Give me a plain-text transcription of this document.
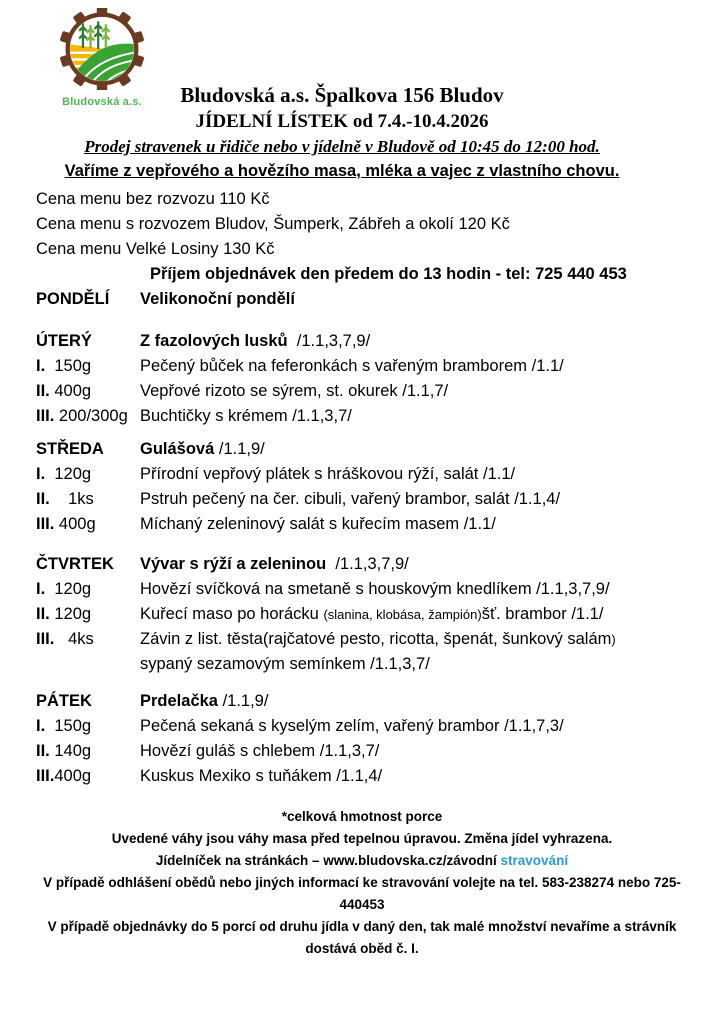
Bludovská a.s.	Bludovská a.s. Špalkova 156 Bludov
JÍDELNÍ LÍSTEK od 7.4.-10.4.2026
Prodej stravenek u řidiče nebo v jídelně v Bludově od 10:45 do 12:00 hod.
Vaříme z vepřového a hovězího masa, mléka a vajec z vlastního chovu.
Cena menu bez rozvozu 110 Kč
Cena menu s rozvozem Bludov, Šumperk, Zábřeh a okolí 120 Kč
Cena menu Velké Losiny 130 Kč
Příjem objednávek den předem do 13 hodin - tel: 725 440 453
PONDĚLÍ	Velikonoční pondělí
ÚTERÝ	Z fazolových lusků  /1.1,3,7,9/
I.  150g	Pečený bůček na feferonkách s vařeným bramborem /1.1/
II. 400g	Vepřové rizoto se sýrem, st. okurek /1.1,7/
III. 200/300g Buchtičky s krémem /1.1,3,7/
STŘEDA	Gulášová /1.1,9/
I.  120g	Přírodní vepřový plátek s hráškovou rýží, salát /1.1/
II.    1ks	Pstruh pečený na čer. cibuli, vařený brambor, salát /1.1,4/
III. 400g	Míchaný zeleninový salát s kuřecím masem /1.1/
ČTVRTEK	Vývar s rýží a zeleninou  /1.1,3,7,9/
I.  120g	Hovězí svíčková na smetaně s houskovým knedlíkem /1.1,3,7,9/
II. 120g	Kuřecí maso po horácku (slanina, klobása, žampión)šť. brambor /1.1/
III.   4ks	Závin z list. těsta(rajčatové pesto, ricotta, špenát, šunkový salám)
sypaný sezamovým semínkem /1.1,3,7/
PÁTEK	Prdelačka /1.1,9/
I.  150g	Pečená sekaná s kyselým zelím, vařený brambor /1.1,7,3/
II. 140g	Hovězí guláš s chlebem /1.1,3,7/
III.400g	Kuskus Mexiko s tuňákem /1.1,4/
*celková hmotnost porce
Uvedené váhy jsou váhy masa před tepelnou úpravou. Změna jídel vyhrazena.
Jídelníček na stránkách – www.bludovska.cz/závodní stravování
V případě odhlášení obědů nebo jiných informací ke stravování volejte na tel. 583-238274 nebo 725-
440453
V případě objednávky do 5 porcí od druhu jídla v daný den, tak malé množství nevaříme a strávník
dostává oběd č. I.
